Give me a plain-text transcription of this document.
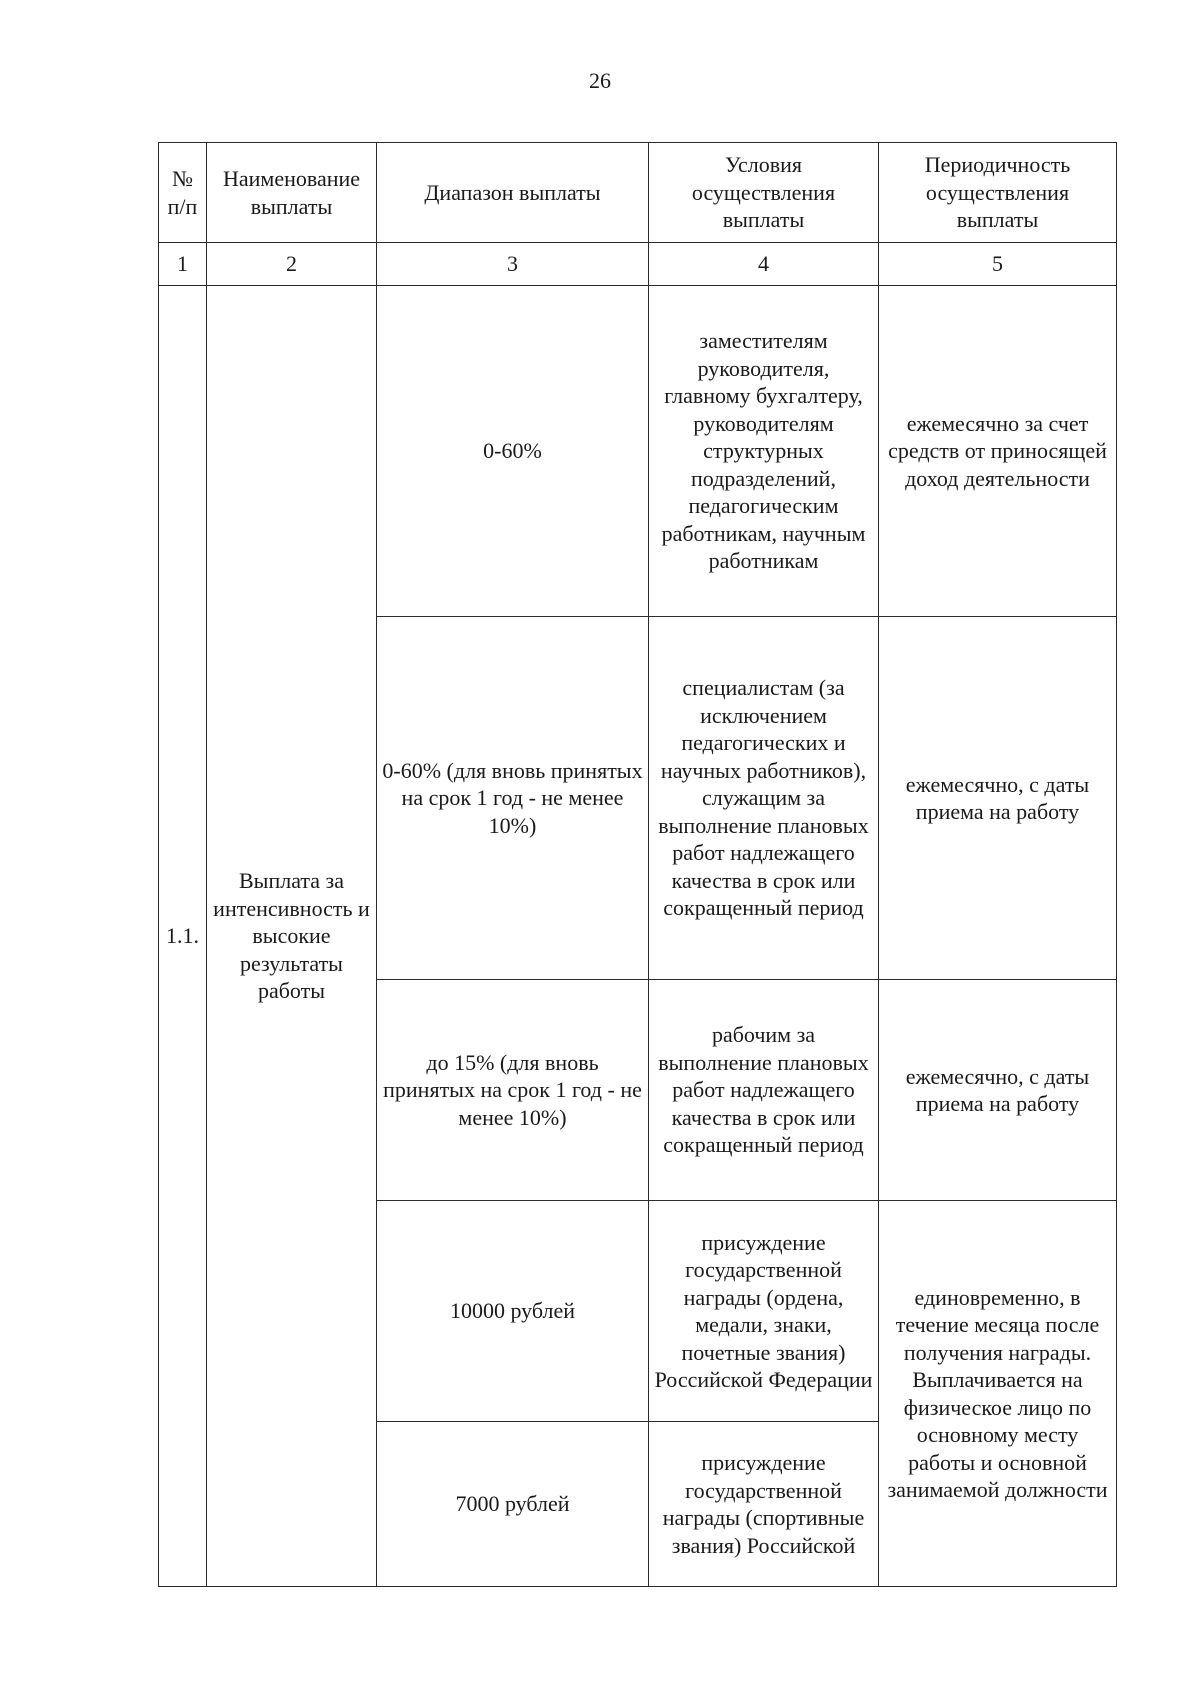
26
№ п/п	Наименование выплаты	Диапазон выплаты	Условия осуществления выплаты	Периодичность осуществления выплаты
1	2	3	4	5
1.1.	Выплата за интенсивность и высокие результаты работы	0-60%	заместителям руководителя, главному бухгалтеру, руководителям структурных подразделений, педагогическим работникам, научным работникам	ежемесячно за счет средств от приносящей доход деятельности
		0-60% (для вновь принятых на срок 1 год - не менее 10%)	специалистам (за исключением педагогических и научных работников), служащим за выполнение плановых работ надлежащего качества в срок или сокращенный период	ежемесячно, с даты приема на работу
		до 15% (для вновь принятых на срок 1 год - не менее 10%)	рабочим за выполнение плановых работ надлежащего качества в срок или сокращенный период	ежемесячно, с даты приема на работу
		10000 рублей	присуждение государственной награды (ордена, медали, знаки, почетные звания) Российской Федерации	единовременно, в течение месяца после получения награды. Выплачивается на физическое лицо по основному месту работы и основной занимаемой должности
		7000 рублей	присуждение государственной награды (спортивные звания) Российской	
